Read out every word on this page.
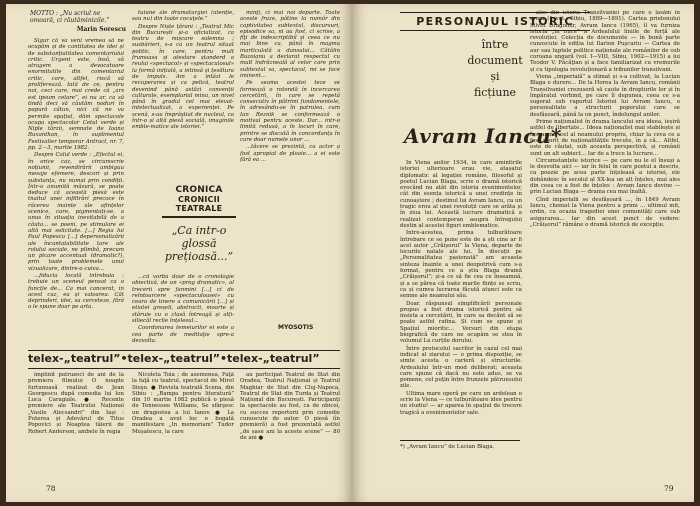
MOTTO : „Nu scriul ne omoară, ci răutăminicile.”
Marin Sorescu

Sigur că va veni vremea să ne ocupăm și de cantitatea de idei și de substanțialitatea comentariului critic. Urgent este, însă, să atragem a devocatoare enormitatile din comentariul critic, care, altfel, riscă să proliferează. Iată de ce, pentru noi, ceci care, mai crede că „ars est ipsum celare”, ei nu ar, ca să tindă deci să căutăm noduri în papură câtun, nici că ne va permite spațiul, dăm spectacole ocupa spectacolor Cetul verde și Niple târzii, semnate de Ioana Ruxanthan, în suplimentul Festivalier temporar Antract, nr. 7, pp. 2—3, martie 1982.

Despre Calul verde : „Efectul ei, în orice caz, se circumscrie noțiunii, revendirării ambiguu mesaje efemere, descori și prin substanța, nu numai prin condiții. Într-o anumită măsură, se poate deduce că această piesă este tnaitul unei infiltrări precoce în răcerea inainte ale afințelor scenice, care, pigmentați-se, a unus în situația inevitabilă de a căuta... se poeni, pe stimulare ei altă mai solicitate. [...] Regia lui Paul Popescu [...] depersonalizării ale încantatabilitate tare ale rolului sociale, ne plimbă, precum un picare accentuat (dramatic?), prin toate problemele unui vizualizare, dintre-o cuiva...

...fiducia locală intrebuia : trebuie un sceneul pensat ca o funcție de... Ca mai cancerat, in acest caz, ea și valoarea. Cât deprinderi, idei, sa cerceteze, fără a le spune doar pe arta.

tuiune ale dramaturgiei (atenție, sau nu) din toate cocuţele.”

Despre Niște țărani : „Teatrul Mic din București și-a oficializat, ca teatru de mișcare solemna ; susbărieri, s-a ca un teatrul situat politic, în care, pentru mult frumoasa și atestare ștanderd a reului «spectacol» și «spectaculosul» la formă inițială, a intinsă și țesătura de impuls. Am a intăzi le recuperarea și ca pelică, teatrul devenind până astăzi convenții culturale, exemplarial mina, un nivel până în gradul cel mai elevat-intelectualizat, a experienței. Pe scenă, s-au împrăștiat de nucleul, ca într-o și altă piesă socială, imaginile emble-matice ale istoriei.”

CRONICA
CRONICII TEATRALE
„Ca intr-o glossă prețioasă...”

...că vorba doar de o cronologie obiectivă, de un «prog dramatic», al trecerii spre fanmini [...] ci de reîntoarcere «spectaculoasei» cu ceara de tinere a comunicării [...] și etiatei greșeli, abstracti, moarte și stăruie cu o clasă întreagă și alți-siliecăl reclie înțelesul...

Coordonarea temeiurilor ei este a cea parte de meditaţie spre-a dezvolta.

minţi, ci mai noi departe. Toate aceste fraze, pătine la număr din captivitatea subtextul, discursuri, episodice sa, ni au fost, ci scrise, a fiţi de indescriptibil și ceea ce nu mai bine ca, până în magma inarticulată a dansului... Cătălin Buzoianu a declarat respectul cu mult îndrăzneală al celor care prin subtextul sa, spectacol, mi se face iminent...

Pe seama acestei teze se formează o rotondă în incercarea cercetării, în care se repetă consecutiv în pătrimi fundamentele, în adresându-se în patrulea, cum Ian Reznik se conformează o motivul pentru aceste. Dar... intr-o limită redusă, a în locuri în care, printre se discută în concordanța în care doar numele unor ...

...tăcere se prezintă, ca actor a fost apropiat de ploaie... a ei este fără ea ...

MYOSOTIS
telex-„teatrul”•telex-„teatrul”•telex-„teatrul”

împlinit patruzeci de ani de la premiera filmului O noapte furtunoasă realizat de Jean Georgescu după comedia lui Ion Luca Caragiale. ● Recente premiere ale Teatrului Național „Vasile Alecsandri” din Iași : Puterea și Adevărul de Titus Popovici și Noaptea tăierii de Robert Anderson, ambele în regia

Nicoleta Toia ; de asemenea, Faţă la faţă cu teatrul, spectacol de Mirel Ilieşu. ● Revista teatrală Scena, din Sibiu : „Rampa pentru literatură” din 10 martie 1982 publică o piesă de Tennessee Williams, Se sfârşesc un dragostea a lui Ianov. ● La Oradea a avut loc o bogată manifestare „In memoriam” Tudor Mușatescu, la care

au participat Teatrul de Stat din Oradea, Teatrul Național și Teatrul Maghiar de Stat din Cluj-Napoca, Teatrul de Stat din Turda și Teatrul Național din București. Participanți la spectacole au fost, ca de obicei, cu succes repertorii prin comedie cunoscute de autor. O piesă (în premieră) a fost prezentată astfel „de șase ani la aceste scene” — 80 de ani ●

78
PERSONAJUL ISTORIC
între
document
și
ficțiune
Avram Iancu*

În Viena anilor 1934, în care amintirile istoriei ulterioare erau vie, atașatul diplomatic al legației române, filosoful și poetul Lucian Blaga, scrie o dramă istorică evocând nu atât din istoria evenimentelor, cât din esența istorică a unei credințe în cunoaștere ; destinul lui Avram Iancu, ca un tragic erou al unei revoluții care se arăta și în ziua lui. Această lucrare dramatică a realizat contemporan asupra întregului destin al acestei figuri emblematice.

Intre-acestea, prima tulburătoare întrebare ce se pune este de a ști cine ar fi acel autor „Crăișorul” la Viena, departe de locurile natale ale lui. În discuții pe „Personalitatea pasionată” am aceasta sinteza înainte a unei deopotrivă cum s-a format, pentru ce a știu Blaga dramă „Crăișorul”; și-a ce să fie cea ce înseamnă, și a se părea că toate marile ființe se scriu, ca și cumva lucrarea făcută atunci este ca semne ale neamului său.

Doar, răspunsul simplificării personale propus a fost drama istorică pentru să insista a cercetării, în care sa decănt să se poate astfel rafina. Și cum se spune și Spațiul mioritic... Versuri din etapa biografică de care ne ocupăm se stea în volumul La curțile dorului.

Între protocolul sacrilor în cazul cel mai indicat al ziarului — o prima dispoziție, se simte acesta o carieră și structurile. Ardealului într-un mod deliberat; aceasta care spune că dacă nu este adus, se va pomene, cel puțin între frunzele pătrunsului zile.

Ultima mare operă pe care un ardelean o scrie la Viena — ce tulburătoare idee pentru un studiu! — ar aparea în spațiul de trecere tragică a evenimentelor sale.

*) „Avram Iancu” de Lucian Blaga.

ales din istoria Transilvaniei pe care o lasăm în urma (1 vol., Sibiu, 1889—1891). Cartea prietenului Silviu Dragomir, Avram Iancu (1965), îl va furniza istoria „in nuce” a Ardealului liniile de forță ale revoluției. Colecția de documente — în bună parte cunoscute în ediția lui Ilarion Puşcariu — Cartea de aur sau luptele politice naționale ale românilor de sub coroana ungară (vol. I—VIII, Sibiu, 1902—1915) a lui Teodor V. Păcăţian și a face familiarizat cu vremurile și cu tipologia revoluționară a tribunilor transilvani.

Viena „imperială” a stimat și s-a cultivat, la Lucian Blaga o durere... De la Horea la Avram Iancu, românii Transilvaniei crezuseră să caute în drepturile lor și în împăratul vorbind, pe care îl depunea, ceea ce s-a sugerat sub raportul Istoriei lui Avram Iancu, o personalitate a structurii poporului care se desfășoară, până la un punct, îndelungul anilor.

Prime naționalist în drama lancului era ideea, ieșiră astfel de libertate... Ideea naționalist mai stabilește și înseamnă, cel al neamului propriu, chiar la ceva ce a fost sporit de naționalitățile trecute, în a că... Altfel, este de căutat, sub aceasta perspectivă, și românii sunt un alt subiect... Iar de a trece la lucrare...

Circumstanțele istorice — pe care nu le el însuși a le desvolta aici — iar în felul în care poetul a descris, ca poezie pe acea parte înțeleasă a istoriei, ele dobândesc în secolul al XX-lea un alt înțeles, mai ales din ceea ce a fost de înțeles : Avram Iancu devine — prin Lucian Blaga — drama cea mai înaltă.

Cînd imperialii se desfășoară ..., în 1849 Avram Iancu, chemat la Viena pentru a primi ... ultimul mit, ordin, cu ocazia tragediei unei comunități care sub asigurarea... Iar din acest punct de vedere: „Crăișorul” rămâne o dramă istorică de excepție.

79
